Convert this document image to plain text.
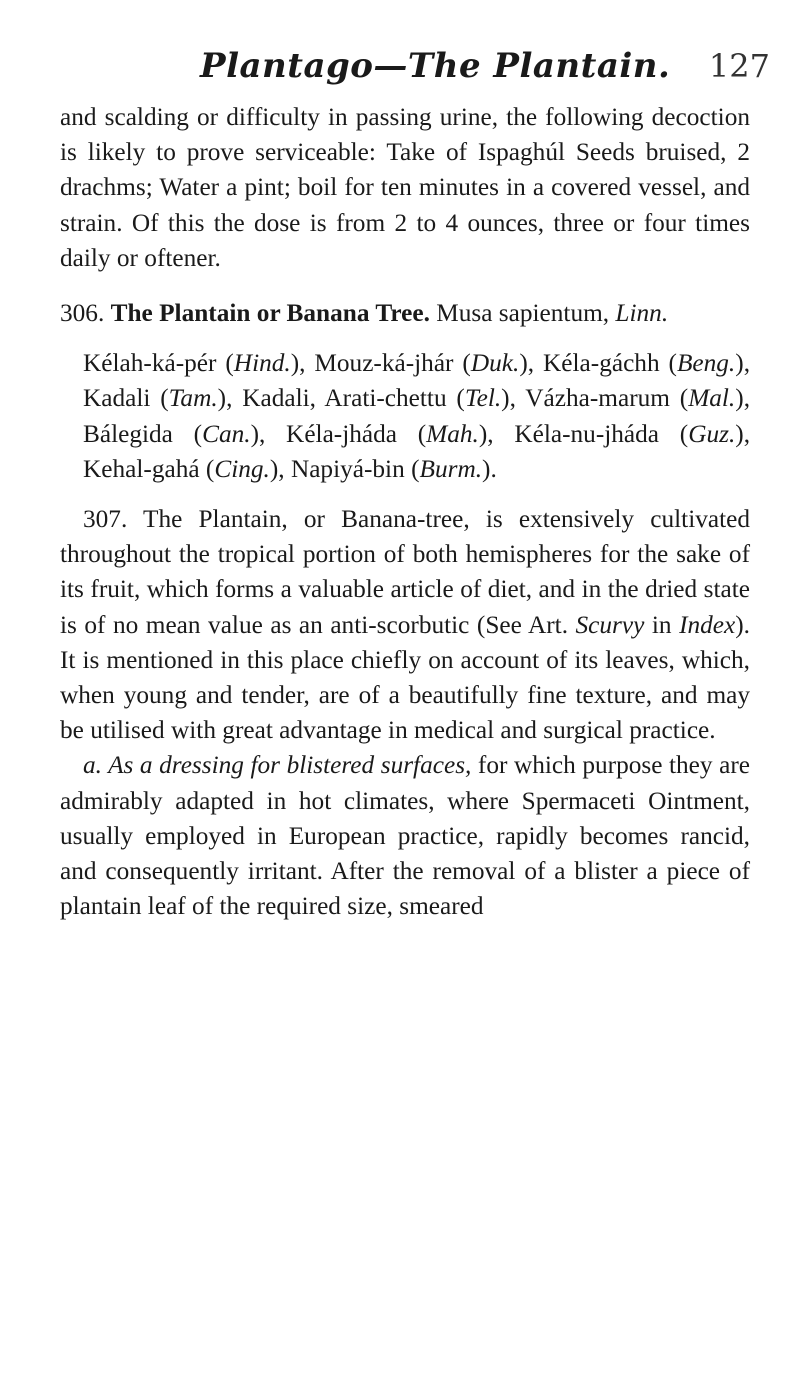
Plantago—The Plantain. 127

and scalding or difficulty in passing urine, the following decoction is likely to prove serviceable: Take of Ispaghúl Seeds bruised, 2 drachms; Water a pint; boil for ten minutes in a covered vessel, and strain. Of this the dose is from 2 to 4 ounces, three or four times daily or oftener.

306. The Plantain or Banana Tree. Musa sapientum, Linn.

Kélah-ká-pér (Hind.), Mouz-ká-jhár (Duk.), Kéla-gáchh (Beng.), Kadali (Tam.), Kadali, Arati-chettu (Tel.), Vázha-marum (Mal.), Bálegida (Can.), Kéla-jháda (Mah.), Kéla-nu-jháda (Guz.), Kehal-gahá (Cing.), Napiyá-bin (Burm.).

307. The Plantain, or Banana-tree, is extensively cultivated throughout the tropical portion of both hemispheres for the sake of its fruit, which forms a valuable article of diet, and in the dried state is of no mean value as an anti-scorbutic (See Art. Scurvy in Index). It is mentioned in this place chiefly on account of its leaves, which, when young and tender, are of a beautifully fine texture, and may be utilised with great advantage in medical and surgical practice.

a. As a dressing for blistered surfaces, for which purpose they are admirably adapted in hot climates, where Spermaceti Ointment, usually employed in European practice, rapidly becomes rancid, and consequently irritant. After the removal of a blister a piece of plantain leaf of the required size, smeared
